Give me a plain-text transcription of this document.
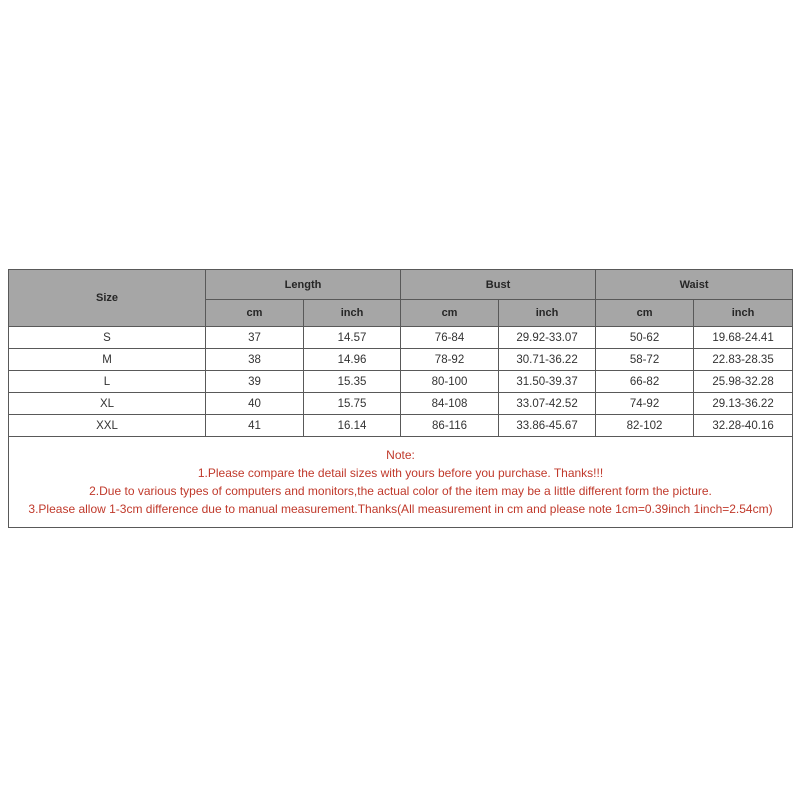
Size	Length		Bust		Waist	
	cm	inch	cm	inch	cm	inch
S	37	14.57	76-84	29.92-33.07	50-62	19.68-24.41
M	38	14.96	78-92	30.71-36.22	58-72	22.83-28.35
L	39	15.35	80-100	31.50-39.37	66-82	25.98-32.28
XL	40	15.75	84-108	33.07-42.52	74-92	29.13-36.22
XXL	41	16.14	86-116	33.86-45.67	82-102	32.28-40.16

Note:
1.Please compare the detail sizes with yours before you purchase. Thanks!!!
2.Due to various types of computers and monitors,the actual color of the item may be a little different form the picture.
3.Please allow 1-3cm difference due to manual measurement.Thanks(All measurement in cm and please note 1cm=0.39inch 1inch=2.54cm)						
